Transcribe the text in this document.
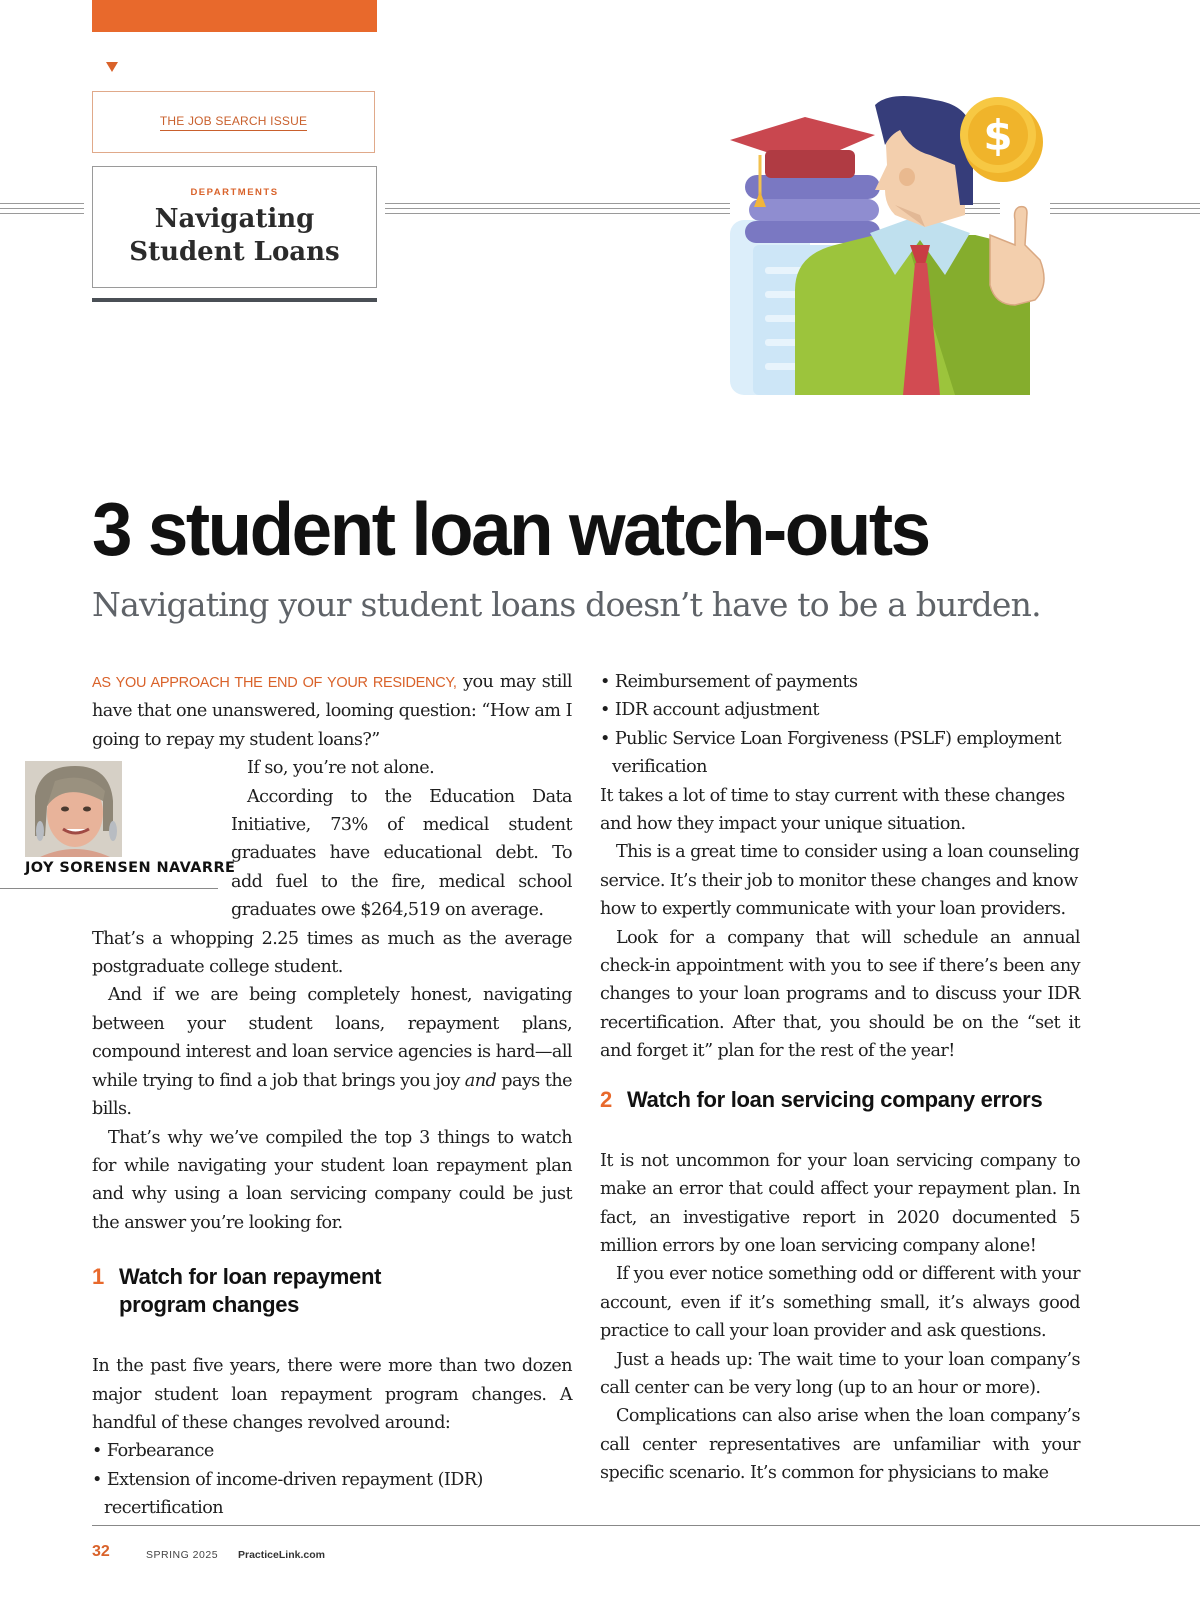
THE JOB SEARCH ISSUE
DEPARTMENTS
Navigating
Student Loans
$
3 student loan watch-outs
Navigating your student loans doesn’t have to be a burden.
JOY SORENSEN NAVARRE

AS YOU APPROACH THE END OF YOUR RESIDENCY, you may still have that one unanswered, looming question: “How am I going to repay my student loans?”

If so, you’re not alone.

According to the Education Data Initiative, 73% of medical student graduates have educational debt. To add fuel to the fire, medical school graduates owe $264,519 on average.

That’s a whopping 2.25 times as much as the average postgraduate college student.

And if we are being completely honest, navigating between your student loans, repayment plans, compound interest and loan service agencies is hard—all while trying to find a job that brings you joy and pays the bills.

That’s why we’ve compiled the top 3 things to watch for while navigating your student loan repayment plan and why using a loan servicing company could be just the answer you’re looking for.

1 Watch for loan repayment program changes

In the past five years, there were more than two dozen major student loan repayment program changes. A handful of these changes revolved around:

• Forbearance

• Extension of income-driven repayment (IDR) recertification

• Reimbursement of payments

• IDR account adjustment

• Public Service Loan Forgiveness (PSLF) employment verification

It takes a lot of time to stay current with these changes and how they impact your unique situation.

This is a great time to consider using a loan counseling service. It’s their job to monitor these changes and know how to expertly communicate with your loan providers.

Look for a company that will schedule an annual check-in appointment with you to see if there’s been any changes to your loan programs and to discuss your IDR recertification. After that, you should be on the “set it and forget it” plan for the rest of the year!

2 Watch for loan servicing company errors

It is not uncommon for your loan servicing company to make an error that could affect your repayment plan. In fact, an investigative report in 2020 documented 5 million errors by one loan servicing company alone!

If you ever notice something odd or different with your account, even if it’s something small, it’s always good practice to call your loan provider and ask questions.

Just a heads up: The wait time to your loan company’s call center can be very long (up to an hour or more).

Complications can also arise when the loan company’s call center representatives are unfamiliar with your specific scenario. It’s common for physicians to make

32	SPRING 2025 PracticeLink.com
